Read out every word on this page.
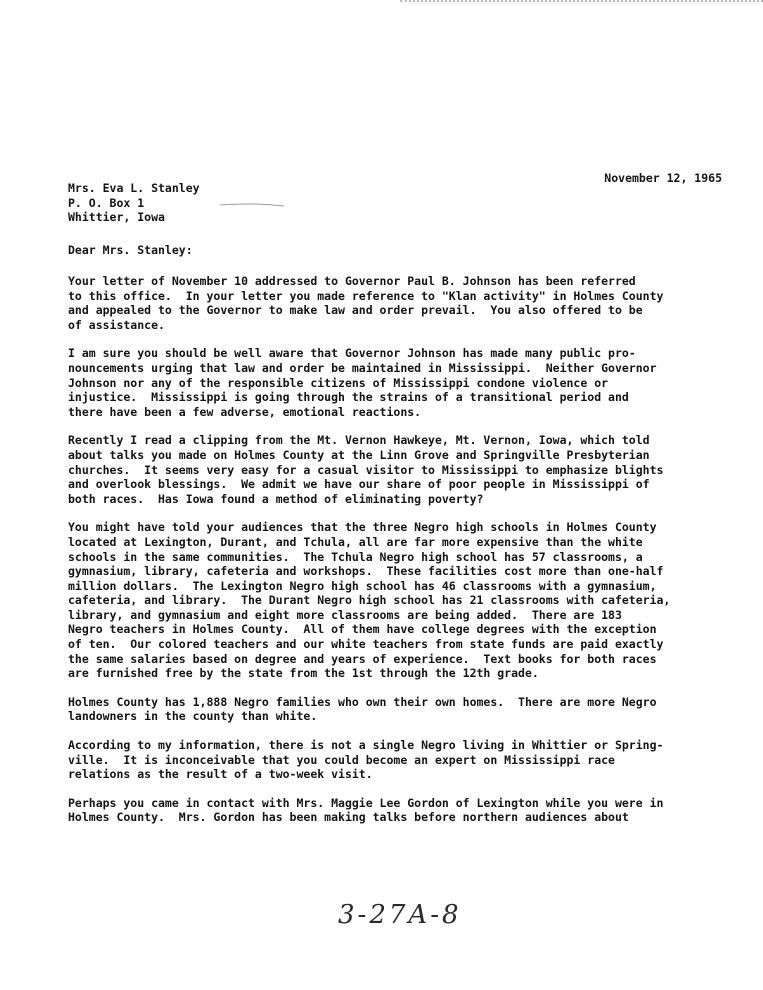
November 12, 1965
Mrs. Eva L. Stanley
P. O. Box 1
Whittier, Iowa
Dear Mrs. Stanley:
Your letter of November 10 addressed to Governor Paul B. Johnson has been referred
to this office.  In your letter you made reference to "Klan activity" in Holmes County
and appealed to the Governor to make law and order prevail.  You also offered to be
of assistance.
I am sure you should be well aware that Governor Johnson has made many public pro-
nouncements urging that law and order be maintained in Mississippi.  Neither Governor
Johnson nor any of the responsible citizens of Mississippi condone violence or
injustice.  Mississippi is going through the strains of a transitional period and
there have been a few adverse, emotional reactions.
Recently I read a clipping from the Mt. Vernon Hawkeye, Mt. Vernon, Iowa, which told
about talks you made on Holmes County at the Linn Grove and Springville Presbyterian
churches.  It seems very easy for a casual visitor to Mississippi to emphasize blights
and overlook blessings.  We admit we have our share of poor people in Mississippi of
both races.  Has Iowa found a method of eliminating poverty?
You might have told your audiences that the three Negro high schools in Holmes County
located at Lexington, Durant, and Tchula, all are far more expensive than the white
schools in the same communities.  The Tchula Negro high school has 57 classrooms, a
gymnasium, library, cafeteria and workshops.  These facilities cost more than one-half
million dollars.  The Lexington Negro high school has 46 classrooms with a gymnasium,
cafeteria, and library.  The Durant Negro high school has 21 classrooms with cafeteria,
library, and gymnasium and eight more classrooms are being added.  There are 183
Negro teachers in Holmes County.  All of them have college degrees with the exception
of ten.  Our colored teachers and our white teachers from state funds are paid exactly
the same salaries based on degree and years of experience.  Text books for both races
are furnished free by the state from the 1st through the 12th grade.
Holmes County has 1,888 Negro families who own their own homes.  There are more Negro
landowners in the county than white.
According to my information, there is not a single Negro living in Whittier or Spring-
ville.  It is inconceivable that you could become an expert on Mississippi race
relations as the result of a two-week visit.
Perhaps you came in contact with Mrs. Maggie Lee Gordon of Lexington while you were in
Holmes County.  Mrs. Gordon has been making talks before northern audiences about
3-27A-8
